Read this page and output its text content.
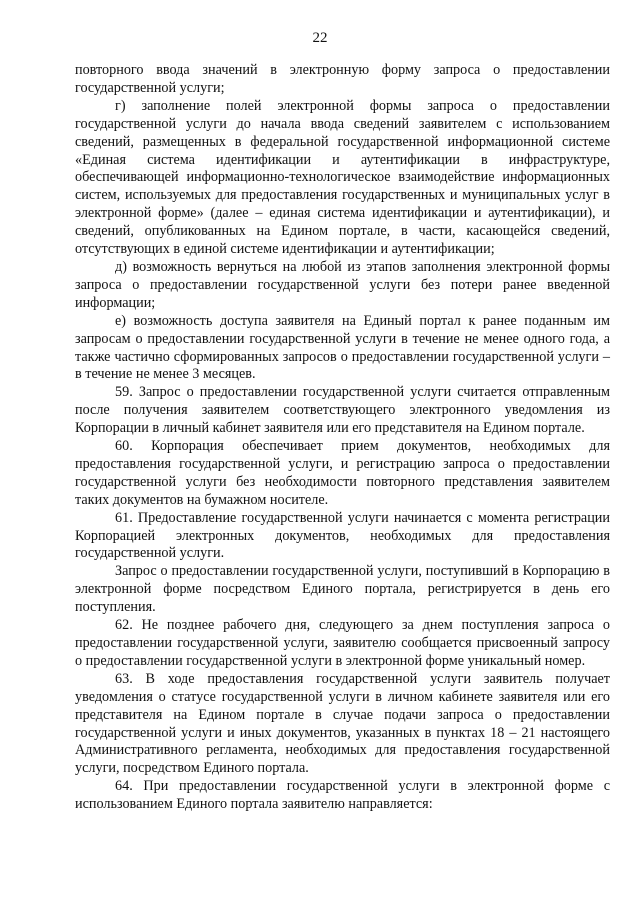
22

повторного ввода значений в электронную форму запроса о предоставлении государственной услуги;

г) заполнение полей электронной формы запроса о предоставлении государственной услуги до начала ввода сведений заявителем с использованием сведений, размещенных в федеральной государственной информационной системе «Единая система идентификации и аутентификации в инфраструктуре, обеспечивающей информационно-технологическое взаимодействие информационных систем, используемых для предоставления государственных и муниципальных услуг в электронной форме» (далее – единая система идентификации и аутентификации), и сведений, опубликованных на Едином портале, в части, касающейся сведений, отсутствующих в единой системе идентификации и аутентификации;

д) возможность вернуться на любой из этапов заполнения электронной формы запроса о предоставлении государственной услуги без потери ранее введенной информации;

е) возможность доступа заявителя на Единый портал к ранее поданным им запросам о предоставлении государственной услуги в течение не менее одного года, а также частично сформированных запросов о предоставлении государственной услуги – в течение не менее 3 месяцев.

59. Запрос о предоставлении государственной услуги считается отправленным после получения заявителем соответствующего электронного уведомления из Корпорации в личный кабинет заявителя или его представителя на Едином портале.

60. Корпорация обеспечивает прием документов, необходимых для предоставления государственной услуги, и регистрацию запроса о предоставлении государственной услуги без необходимости повторного представления заявителем таких документов на бумажном носителе.

61. Предоставление государственной услуги начинается с момента регистрации Корпорацией электронных документов, необходимых для предоставления государственной услуги.

Запрос о предоставлении государственной услуги, поступивший в Корпорацию в электронной форме посредством Единого портала, регистрируется в день его поступления.

62. Не позднее рабочего дня, следующего за днем поступления запроса о предоставлении государственной услуги, заявителю сообщается присвоенный запросу о предоставлении государственной услуги в электронной форме уникальный номер.

63. В ходе предоставления государственной услуги заявитель получает уведомления о статусе государственной услуги в личном кабинете заявителя или его представителя на Едином портале в случае подачи запроса о предоставлении государственной услуги и иных документов, указанных в пунктах 18 – 21 настоящего Административного регламента, необходимых для предоставления государственной услуги, посредством Единого портала.

64. При предоставлении государственной услуги в электронной форме с использованием Единого портала заявителю направляется:
